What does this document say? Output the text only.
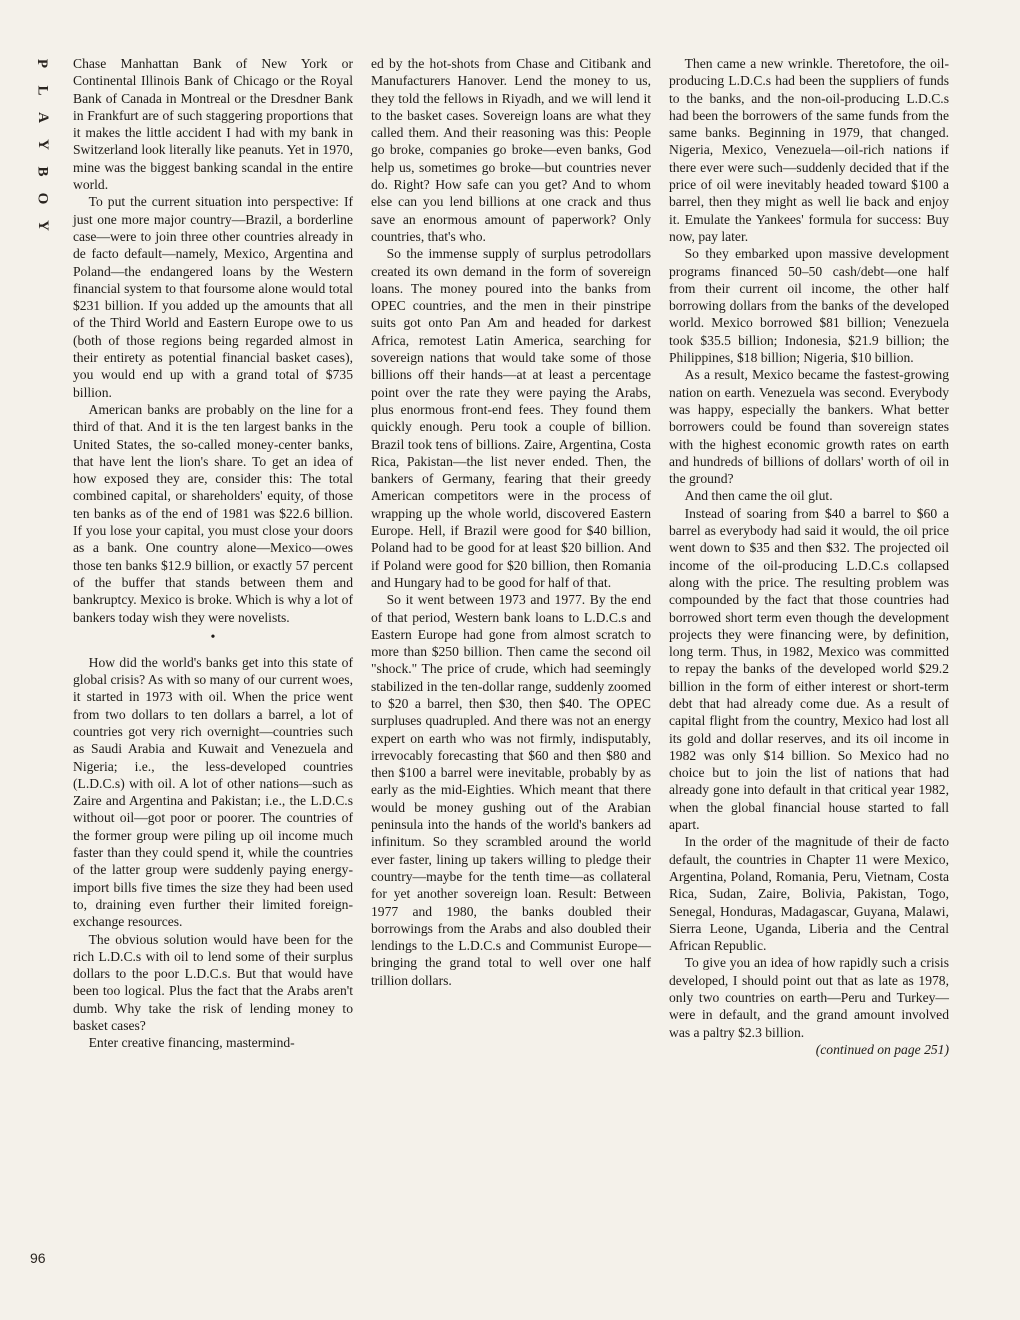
P
L
A
Y
B
O
Y
96

Chase Manhattan Bank of New York or Continental Illinois Bank of Chicago or the Royal Bank of Canada in Montreal or the Dresdner Bank in Frankfurt are of such staggering proportions that it makes the little accident I had with my bank in Switzerland look literally like peanuts. Yet in 1970, mine was the biggest banking scandal in the entire world.

To put the current situation into perspective: If just one more major country—Brazil, a borderline case—were to join three other countries already in de facto default—namely, Mexico, Argentina and Poland—the endangered loans by the Western financial system to that foursome alone would total $231 billion. If you added up the amounts that all of the Third World and Eastern Europe owe to us (both of those regions being regarded almost in their entirety as potential financial basket cases), you would end up with a grand total of $735 billion.

American banks are probably on the line for a third of that. And it is the ten largest banks in the United States, the so-called money-center banks, that have lent the lion's share. To get an idea of how exposed they are, consider this: The total combined capital, or shareholders' equity, of those ten banks as of the end of 1981 was $22.6 billion. If you lose your capital, you must close your doors as a bank. One country alone—Mexico—owes those ten banks $12.9 billion, or exactly 57 percent of the buffer that stands between them and bankruptcy. Mexico is broke. Which is why a lot of bankers today wish they were novelists.

•

How did the world's banks get into this state of global crisis? As with so many of our current woes, it started in 1973 with oil. When the price went from two dollars to ten dollars a barrel, a lot of countries got very rich overnight—countries such as Saudi Arabia and Kuwait and Venezuela and Nigeria; i.e., the less-developed countries (L.D.C.s) with oil. A lot of other nations—such as Zaire and Argentina and Pakistan; i.e., the L.D.C.s without oil—got poor or poorer. The countries of the former group were piling up oil income much faster than they could spend it, while the countries of the latter group were suddenly paying energy-import bills five times the size they had been used to, draining even further their limited foreign-exchange resources.

The obvious solution would have been for the rich L.D.C.s with oil to lend some of their surplus dollars to the poor L.D.C.s. But that would have been too logical. Plus the fact that the Arabs aren't dumb. Why take the risk of lending money to basket cases?

Enter creative financing, mastermind-

ed by the hot-shots from Chase and Citibank and Manufacturers Hanover. Lend the money to us, they told the fellows in Riyadh, and we will lend it to the basket cases. Sovereign loans are what they called them. And their reasoning was this: People go broke, companies go broke—even banks, God help us, sometimes go broke—but countries never do. Right? How safe can you get? And to whom else can you lend billions at one crack and thus save an enormous amount of paperwork? Only countries, that's who.

So the immense supply of surplus petrodollars created its own demand in the form of sovereign loans. The money poured into the banks from OPEC countries, and the men in their pinstripe suits got onto Pan Am and headed for darkest Africa, remotest Latin America, searching for sovereign nations that would take some of those billions off their hands—at at least a percentage point over the rate they were paying the Arabs, plus enormous front-end fees. They found them quickly enough. Peru took a couple of billion. Brazil took tens of billions. Zaire, Argentina, Costa Rica, Pakistan—the list never ended. Then, the bankers of Germany, fearing that their greedy American competitors were in the process of wrapping up the whole world, discovered Eastern Europe. Hell, if Brazil were good for $40 billion, Poland had to be good for at least $20 billion. And if Poland were good for $20 billion, then Romania and Hungary had to be good for half of that.

So it went between 1973 and 1977. By the end of that period, Western bank loans to L.D.C.s and Eastern Europe had gone from almost scratch to more than $250 billion. Then came the second oil "shock." The price of crude, which had seemingly stabilized in the ten-dollar range, suddenly zoomed to $20 a barrel, then $30, then $40. The OPEC surpluses quadrupled. And there was not an energy expert on earth who was not firmly, indisputably, irrevocably forecasting that $60 and then $80 and then $100 a barrel were inevitable, probably by as early as the mid-Eighties. Which meant that there would be money gushing out of the Arabian peninsula into the hands of the world's bankers ad infinitum. So they scrambled around the world ever faster, lining up takers willing to pledge their country—maybe for the tenth time—as collateral for yet another sovereign loan. Result: Between 1977 and 1980, the banks doubled their borrowings from the Arabs and also doubled their lendings to the L.D.C.s and Communist Europe—bringing the grand total to well over one half trillion dollars.

Then came a new wrinkle. Theretofore, the oil-producing L.D.C.s had been the suppliers of funds to the banks, and the non-oil-producing L.D.C.s had been the borrowers of the same funds from the same banks. Beginning in 1979, that changed. Nigeria, Mexico, Venezuela—oil-rich nations if there ever were such—suddenly decided that if the price of oil were inevitably headed toward $100 a barrel, then they might as well lie back and enjoy it. Emulate the Yankees' formula for success: Buy now, pay later.

So they embarked upon massive development programs financed 50–50 cash/debt—one half from their current oil income, the other half borrowing dollars from the banks of the developed world. Mexico borrowed $81 billion; Venezuela took $35.5 billion; Indonesia, $21.9 billion; the Philippines, $18 billion; Nigeria, $10 billion.

As a result, Mexico became the fastest-growing nation on earth. Venezuela was second. Everybody was happy, especially the bankers. What better borrowers could be found than sovereign states with the highest economic growth rates on earth and hundreds of billions of dollars' worth of oil in the ground?

And then came the oil glut.

Instead of soaring from $40 a barrel to $60 a barrel as everybody had said it would, the oil price went down to $35 and then $32. The projected oil income of the oil-producing L.D.C.s collapsed along with the price. The resulting problem was compounded by the fact that those countries had borrowed short term even though the development projects they were financing were, by definition, long term. Thus, in 1982, Mexico was committed to repay the banks of the developed world $29.2 billion in the form of either interest or short-term debt that had already come due. As a result of capital flight from the country, Mexico had lost all its gold and dollar reserves, and its oil income in 1982 was only $14 billion. So Mexico had no choice but to join the list of nations that had already gone into default in that critical year 1982, when the global financial house started to fall apart.

In the order of the magnitude of their de facto default, the countries in Chapter 11 were Mexico, Argentina, Poland, Romania, Peru, Vietnam, Costa Rica, Sudan, Zaire, Bolivia, Pakistan, Togo, Senegal, Honduras, Madagascar, Guyana, Malawi, Sierra Leone, Uganda, Liberia and the Central African Republic.

To give you an idea of how rapidly such a crisis developed, I should point out that as late as 1978, only two countries on earth—Peru and Turkey—were in default, and the grand amount involved was a paltry $2.3 billion.

(continued on page 251)
